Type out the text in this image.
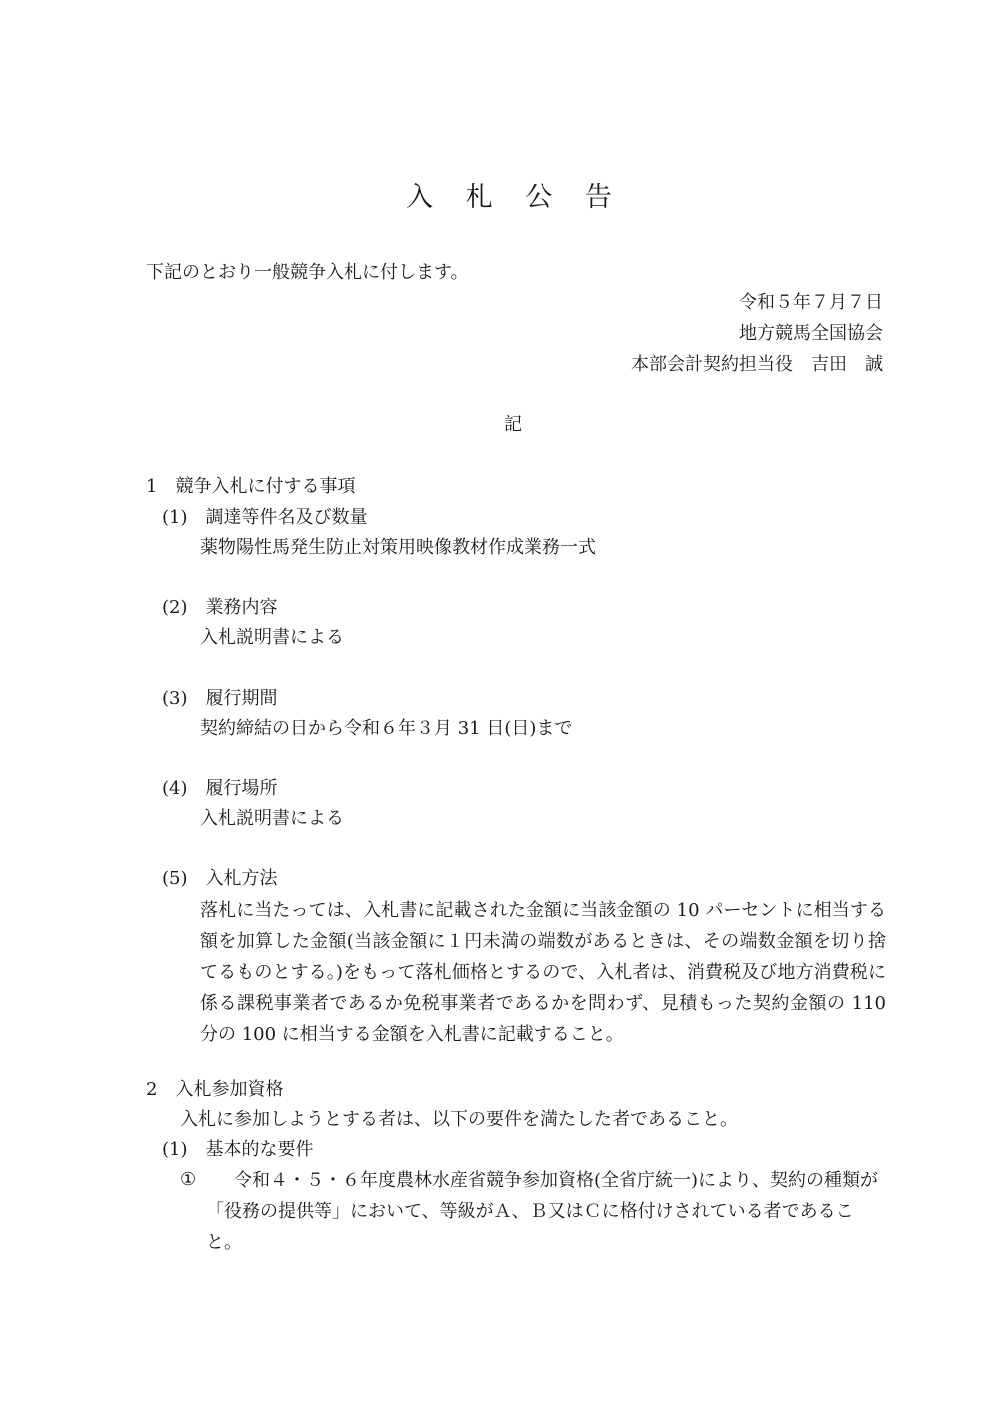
入 札 公 告
下記のとおり一般競争入札に付します。
令和５年７月７日
地方競馬全国協会
本部会計契約担当役　吉田　誠
記
1　競争入札に付する事項
(1)　調達等件名及び数量
薬物陽性馬発生防止対策用映像教材作成業務一式
(2)　業務内容
入札説明書による
(3)　履行期間
契約締結の日から令和６年３月 31 日(日)まで
(4)　履行場所
入札説明書による
(5)　入札方法
落札に当たっては、入札書に記載された金額に当該金額の 10 パーセントに相当する額を加算した金額(当該金額に１円未満の端数があるときは、その端数金額を切り捨てるものとする。)をもって落札価格とするので、入札者は、消費税及び地方消費税に係る課税事業者であるか免税事業者であるかを問わず、見積もった契約金額の 110 分の 100 に相当する金額を入札書に記載すること。
2　入札参加資格
入札に参加しようとする者は、以下の要件を満たした者であること。
(1)　基本的な要件
①	令和４・５・６年度農林水産省競争参加資格(全省庁統一)により、契約の種類が「役務の提供等」において、等級がＡ、Ｂ又はＣに格付けされている者であること。
